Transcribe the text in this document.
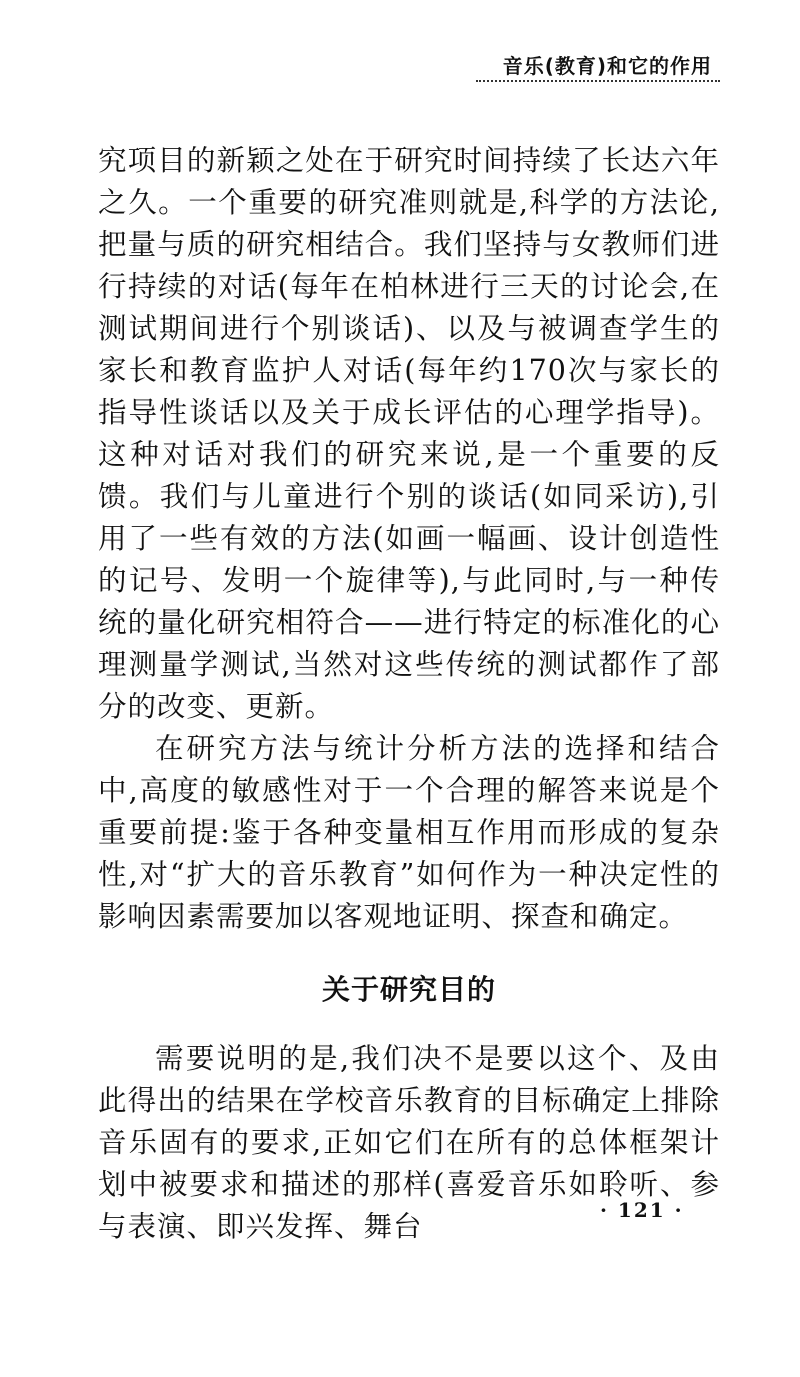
音乐(教育)和它的作用

究项目的新颖之处在于研究时间持续了长达六年之久。一个重要的研究准则就是,科学的方法论,把量与质的研究相结合。我们坚持与女教师们进行持续的对话(每年在柏林进行三天的讨论会,在测试期间进行个别谈话)、以及与被调查学生的家长和教育监护人对话(每年约170次与家长的指导性谈话以及关于成长评估的心理学指导)。这种对话对我们的研究来说,是一个重要的反馈。我们与儿童进行个别的谈话(如同采访),引用了一些有效的方法(如画一幅画、设计创造性的记号、发明一个旋律等),与此同时,与一种传统的量化研究相符合——进行特定的标准化的心理测量学测试,当然对这些传统的测试都作了部分的改变、更新。

在研究方法与统计分析方法的选择和结合中,高度的敏感性对于一个合理的解答来说是个重要前提:鉴于各种变量相互作用而形成的复杂性,对“扩大的音乐教育”如何作为一种决定性的影响因素需要加以客观地证明、探查和确定。

关于研究目的

需要说明的是,我们决不是要以这个、及由此得出的结果在学校音乐教育的目标确定上排除音乐固有的要求,正如它们在所有的总体框架计划中被要求和描述的那样(喜爱音乐如聆听、参与表演、即兴发挥、舞台	· 121 ·
